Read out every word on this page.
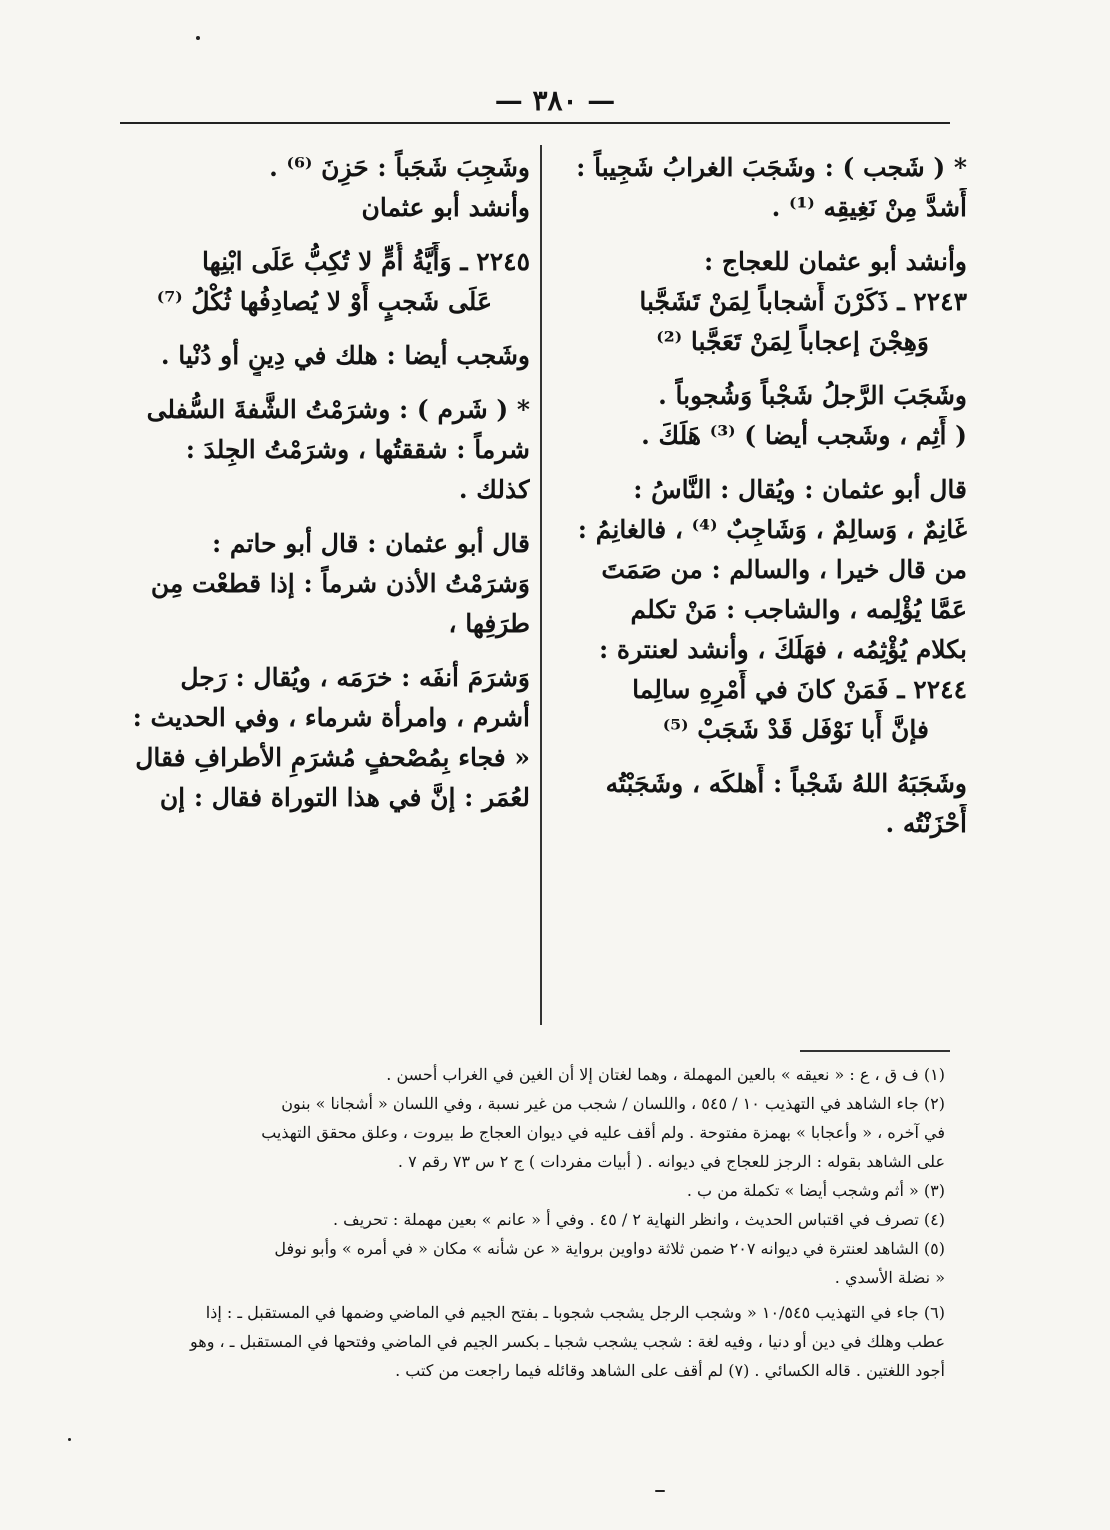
— ٣٨٠ —
* ( شَجب ) : وشَجَبَ الغرابُ شَجِيباً :
أَشدَّ مِنْ نَغِيقِه ⁽¹⁾ .
وأنشد أبو عثمان للعجاج :
٢٢٤٣ ـ ذَكَرْنَ أَشجاباً لِمَنْ تَشَجَّبا
وَهِجْنَ إعجاباً لِمَنْ تَعَجَّبا ⁽²⁾
وشَجَبَ الرَّجلُ شَجْباً وَشُجوباً .
( أَثِم ، وشَجب أيضا ) ⁽³⁾ هَلَكَ .
قال أبو عثمان : ويُقال : النَّاسُ :
غَانِمٌ ، وَسالِمٌ ، وَشَاجِبٌ ⁽⁴⁾ ، فالغانِمُ :
من قال خيرا ، والسالم : من صَمَتَ
عَمَّا يُؤْلِمه ، والشاجب : مَنْ تكلم
بكلام يُؤْثِمُه ، فهَلَكَ ، وأنشد لعنترة :
٢٢٤٤ ـ فَمَنْ كانَ في أَمْرِهِ سالِما
فإنَّ أَبا نَوْفَل قَدْ شَجَبْ ⁽⁵⁾
وشَجَبَهُ اللهُ شَجْباً : أَهلكَه ، وشَجَبْتُه
أَحْزَنْتُه .
وشَجِبَ شَجَباً : حَزِنَ ⁽⁶⁾ .
وأنشد أبو عثمان
٢٢٤٥ ـ وَأَيَّةُ أُمٍّ لا تُكِبُّ عَلَى ابْنِها
عَلَى شَجبٍ أَوْ لا يُصادِفُها ثُكْلُ ⁽⁷⁾
وشَجب أيضا : هلك في دِينٍ أو دُنْيا .
* ( شَرم ) : وشرَمْتُ الشَّفةَ السُّفلى
شرماً : شققتُها ، وشرَمْتُ الجِلدَ :
كذلك .
قال أبو عثمان : قال أبو حاتم :
وَشرَمْتُ الأذن شرماً : إذا قطعْت مِن
طرَفِها ،
وَشرَمَ أنفَه : خرَمَه ، ويُقال : رَجل
أشرم ، وامرأة شرماء ، وفي الحديث :
« فجاء بِمُصْحفٍ مُشرَمِ الأطرافِ فقال
لعُمَر : إنَّ في هذا التوراة فقال : إن
(١) ف ق ، ع : « نعيقه » بالعين المهملة ، وهما لغتان إلا أن الغين في الغراب أحسن .
(٢) جاء الشاهد في التهذيب ١٠ / ٥٤٥ ، واللسان / شجب من غير نسبة ، وفي اللسان « أشجانا » بنون
في آخره ، « وأعجابا » بهمزة مفتوحة . ولم أقف عليه في ديوان العجاج ط بيروت ، وعلق محقق التهذيب
على الشاهد بقوله : الرجز للعجاج في ديوانه . ( أبيات مفردات ) ج ٢ س ٧٣ رقم ٧ .
(٣) « أثم وشجب أيضا » تكملة من ب .
(٤) تصرف في اقتباس الحديث ، وانظر النهاية ٢ / ٤٥ . وفي أ « عانم » بعين مهملة : تحريف .
(٥) الشاهد لعنترة في ديوانه ٢٠٧ ضمن ثلاثة دواوين برواية « عن شأنه » مكان « في أمره » وأبو نوفل
« نضلة الأسدي .
(٦) جاء في التهذيب ١٠/٥٤٥ « وشجب الرجل يشجب شجوبا ـ بفتح الجيم في الماضي وضمها في المستقبل ـ : إذا
عطب وهلك في دين أو دنيا ، وفيه لغة : شجب يشجب شجبا ـ بكسر الجيم في الماضي وفتحها في المستقبل ـ ، وهو
أجود اللغتين . قاله الكسائي . (٧) لم أقف على الشاهد وقائله فيما راجعت من كتب .
